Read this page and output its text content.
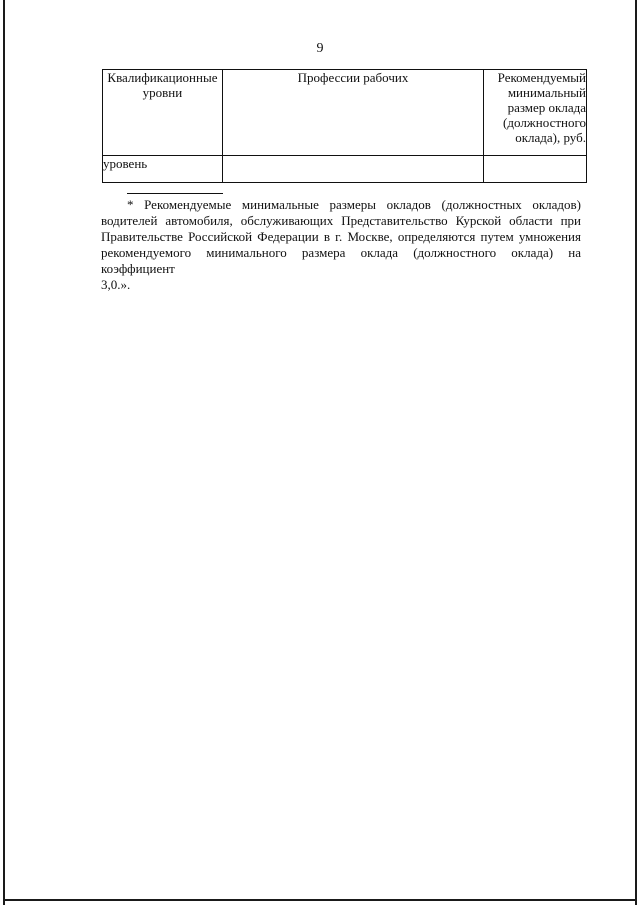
9
Квалификационные уровни	Профессии рабочих	Рекомендуемый минимальный размер оклада (должностного оклада), руб.
уровень		
* Рекомендуемые минимальные размеры окладов (должностных окладов)
водителей автомобиля, обслуживающих Представительство Курской области при
Правительстве Российской Федерации в г. Москве, определяются путем умножения
рекомендуемого минимального размера оклада (должностного оклада) на коэффициент
3,0.».
